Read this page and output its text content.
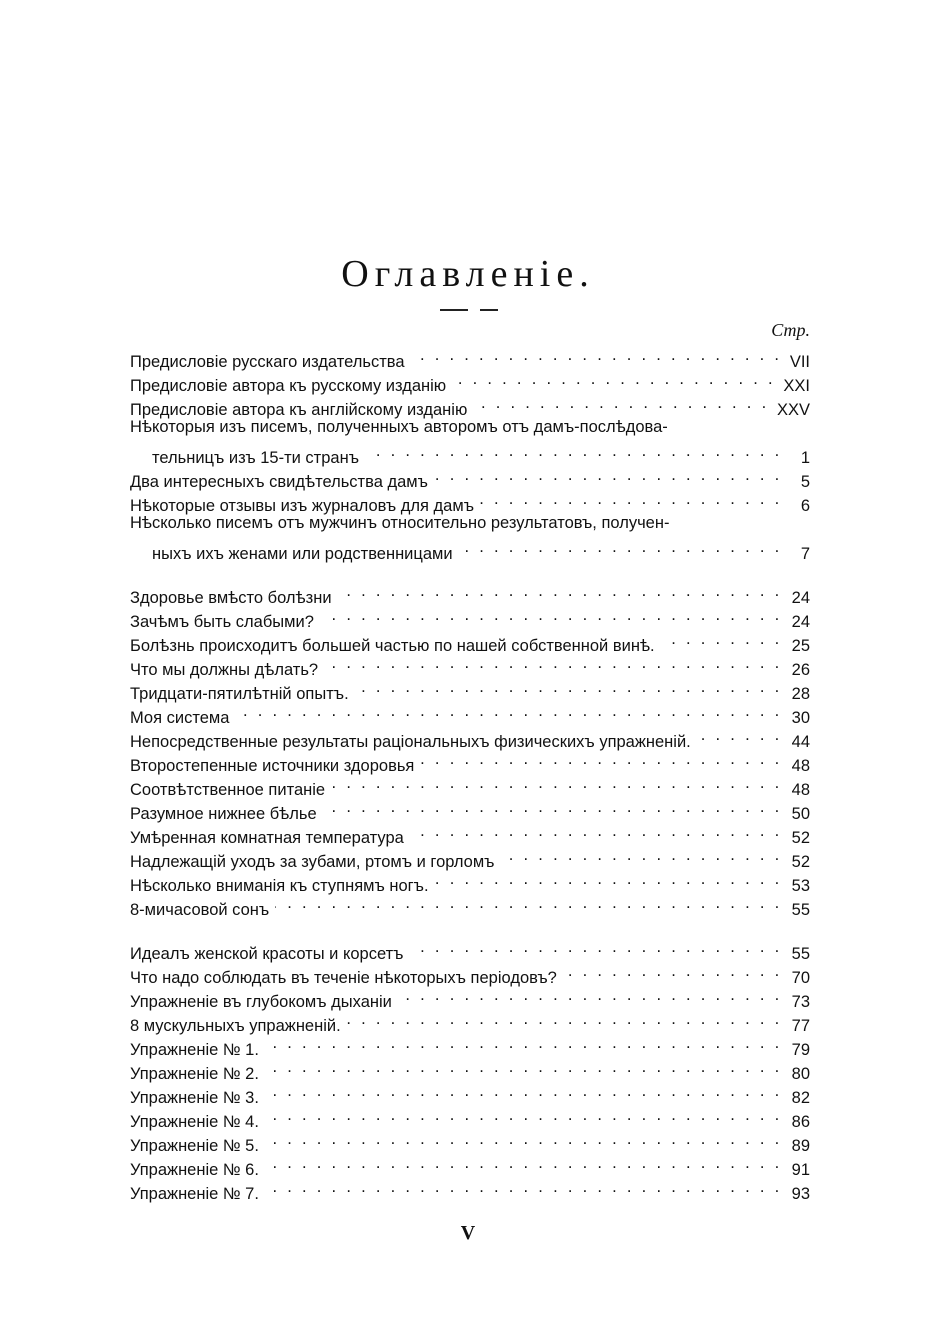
Оглавленіе.
Стр.
Предисловіе русскаго издательства . . .	VII
Предисловіе автора къ русскому изданію . . .	XXI
Предисловіе автора къ англійскому изданію . . .	XXV
Нѣкоторыя изъ писемъ, полученныхъ авторомъ отъ дамъ-послѣдова-
тельницъ изъ 15-ти странъ . . .	1
Два интересныхъ свидѣтельства дамъ . . .	5
Нѣкоторые отзывы изъ журналовъ для дамъ . . .	6
Нѣсколько писемъ отъ мужчинъ относительно результатовъ, получен-
ныхъ ихъ женами или родственницами . . .	7
Здоровье вмѣсто болѣзни . . .	24
Зачѣмъ быть слабыми? . . .	24
Болѣзнь происходитъ большей частью по нашей собственной винѣ. . . .	25
Что мы должны дѣлать? . . .	26
Тридцати-пятилѣтній опытъ. . . .	28
Моя система . . .	30
Непосредственные результаты раціональныхъ физическихъ упражненій. . . .	44
Второстепенные источники здоровья . . .	48
Соотвѣтственное питаніе . . .	48
Разумное нижнее бѣлье . . .	50
Умѣренная комнатная температура . . .	52
Надлежащій уходъ за зубами, ртомъ и горломъ . . .	52
Нѣсколько вниманія къ ступнямъ ногъ. . . .	53
8-мичасовой сонъ . . .	55
Идеалъ женской красоты и корсетъ . . .	55
Что надо соблюдать въ теченіе нѣкоторыхъ періодовъ? . . .	70
Упражненіе въ глубокомъ дыханіи . . .	73
8 мускульныхъ упражненій. . . .	77
Упражненіе № 1. . . .	79
Упражненіе № 2. . . .	80
Упражненіе № 3. . . .	82
Упражненіе № 4. . . .	86
Упражненіе № 5. . . .	89
Упражненіе № 6. . . .	91
Упражненіе № 7. . . .	93
V
